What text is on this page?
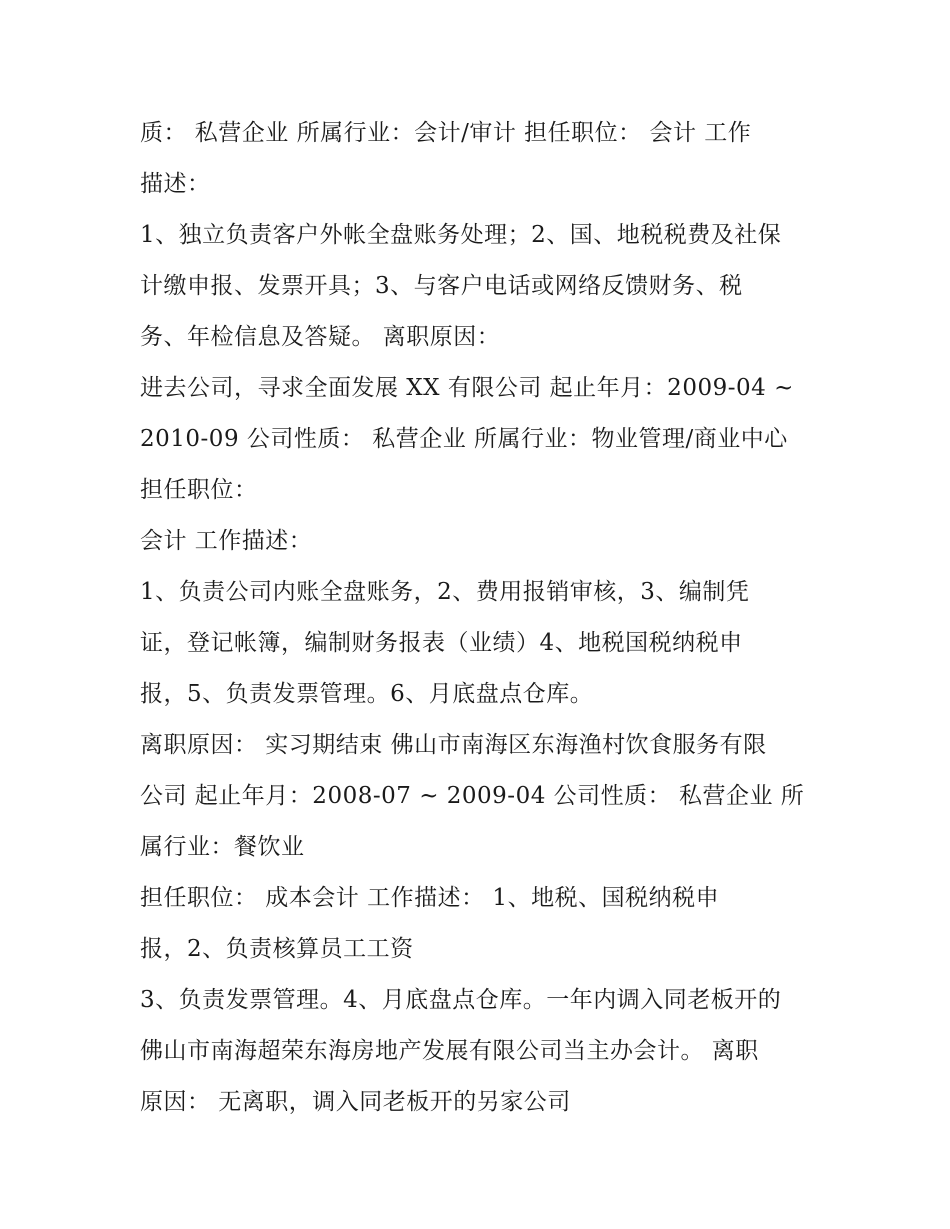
质： 私营企业 所属行业：会计/审计 担任职位： 会计 工作
描述：
1、独立负责客户外帐全盘账务处理；2、国、地税税费及社保
计缴申报、发票开具；3、与客户电话或网络反馈财务、税
务、年检信息及答疑。 离职原因：
进去公司，寻求全面发展 XX 有限公司 起止年月：2009-04 ~
2010-09 公司性质： 私营企业 所属行业：物业管理/商业中心
担任职位：
会计 工作描述：
1、负责公司内账全盘账务，2、费用报销审核，3、编制凭
证，登记帐簿，编制财务报表（业绩）4、地税国税纳税申
报，5、负责发票管理。6、月底盘点仓库。
离职原因： 实习期结束 佛山市南海区东海渔村饮食服务有限
公司 起止年月：2008-07 ~ 2009-04 公司性质： 私营企业 所
属行业：餐饮业
担任职位： 成本会计 工作描述： 1、地税、国税纳税申
报，2、负责核算员工工资
3、负责发票管理。4、月底盘点仓库。一年内调入同老板开的
佛山市南海超荣东海房地产发展有限公司当主办会计。 离职
原因： 无离职，调入同老板开的另家公司
